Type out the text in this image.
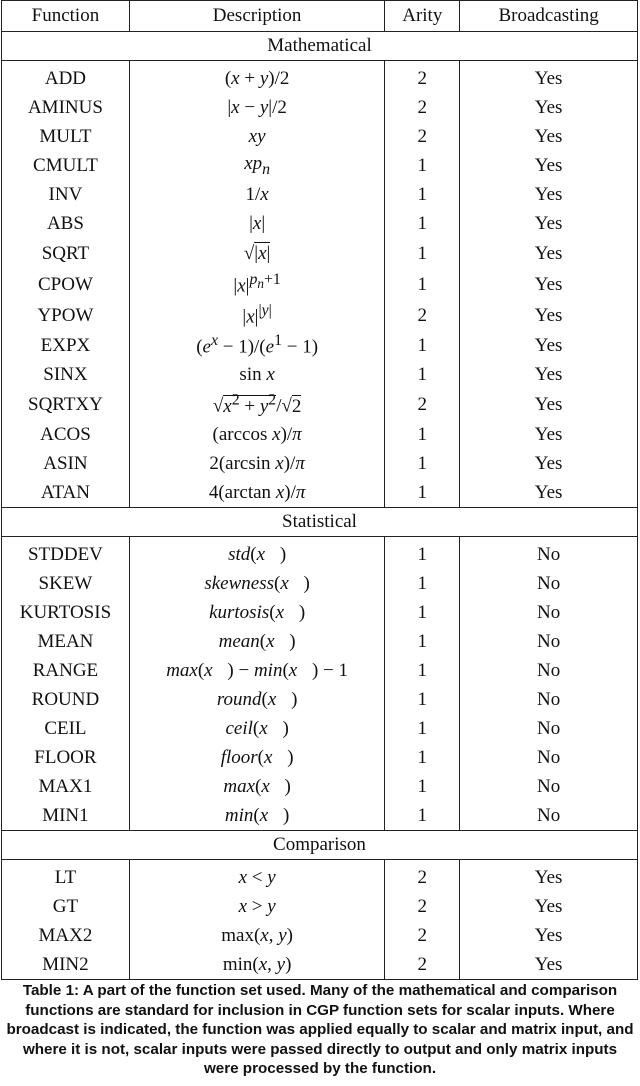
Function	Description	Arity	Broadcasting
Mathematical			
ADD	(x + y)/2	2	Yes
AMINUS	|x − y|/2	2	Yes
MULT	xy	2	Yes
CMULT	$xp_n$	1	Yes
INV	1/x	1	Yes
ABS	|x|	1	Yes
SQRT	√|x|	1	Yes
CPOW	$|x|^{p_n+1}$	1	Yes
YPOW	$|x|^{|y|}$	2	Yes
EXPX	$(e^x - 1)/(e^1 - 1)$	1	Yes
SINX	sin x	1	Yes
SQRTXY	$√x^2 + y^2/√2$	2	Yes
ACOS	(arccos x)/π	1	Yes
ASIN	2(arcsin x)/π	1	Yes
ATAN	4(arctan x)/π	1	Yes
Statistical			
STDDEV	std(x⃗)	1	No
SKEW	skewness(x⃗)	1	No
KURTOSIS	kurtosis(x⃗)	1	No
MEAN	mean(x⃗)	1	No
RANGE	max(x⃗) − min(x⃗) − 1	1	No
ROUND	round(x⃗)	1	No
CEIL	ceil(x⃗)	1	No
FLOOR	floor(x⃗)	1	No
MAX1	max(x⃗)	1	No
MIN1	min(x⃗)	1	No
Comparison			
LT	x < y	2	Yes
GT	x > y	2	Yes
MAX2	max(x, y)	2	Yes
MIN2	min(x, y)	2	Yes
Table 1: A part of the function set used. Many of the mathematical and comparison functions are standard for inclusion in CGP function sets for scalar inputs. Where broadcast is indicated, the function was applied equally to scalar and matrix input, and where it is not, scalar inputs were passed directly to output and only matrix inputs were processed by the function.
